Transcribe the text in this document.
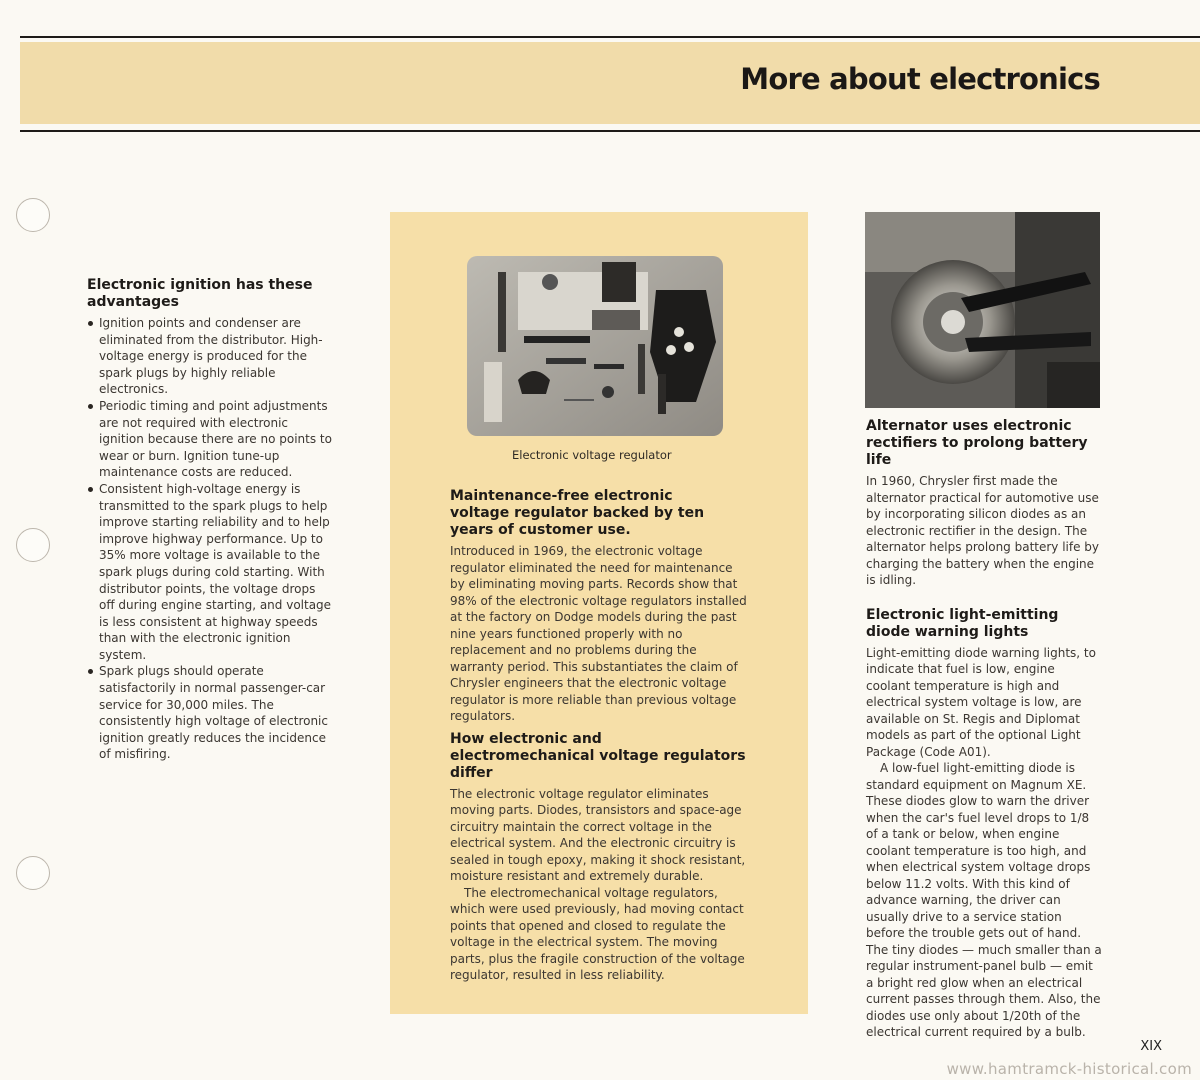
More about electronics
Electronic ignition has these advantages
Ignition points and condenser are eliminated from the distributor. High-voltage energy is produced for the spark plugs by highly reliable electronics.
Periodic timing and point adjustments are not required with electronic ignition because there are no points to wear or burn. Ignition tune-up maintenance costs are reduced.
Consistent high-voltage energy is transmitted to the spark plugs to help improve starting reliability and to help improve highway performance. Up to 35% more voltage is available to the spark plugs during cold starting. With distributor points, the voltage drops off during engine starting, and voltage is less consistent at highway speeds than with the electronic ignition system.
Spark plugs should operate satisfactorily in normal passenger-car service for 30,000 miles. The consistently high voltage of electronic ignition greatly reduces the incidence of misfiring.
Electronic voltage regulator
Maintenance-free electronic voltage regulator backed by ten years of customer use.

Introduced in 1969, the electronic voltage regulator eliminated the need for maintenance by eliminating moving parts. Records show that 98% of the electronic voltage regulators installed at the factory on Dodge models during the past nine years functioned properly with no replacement and no problems during the warranty period. This substantiates the claim of Chrysler engineers that the electronic voltage regulator is more reliable than previous voltage regulators.

How electronic and electromechanical voltage regulators differ

The electronic voltage regulator eliminates moving parts. Diodes, transistors and space-age circuitry maintain the correct voltage in the electrical system. And the electronic circuitry is sealed in tough epoxy, making it shock resistant, moisture resistant and extremely durable.

The electromechanical voltage regulators, which were used previously, had moving contact points that opened and closed to regulate the voltage in the electrical system. The moving parts, plus the fragile construction of the voltage regulator, resulted in less reliability.

Alternator uses electronic rectifiers to prolong battery life

In 1960, Chrysler first made the alternator practical for automotive use by incorporating silicon diodes as an electronic rectifier in the design. The alternator helps prolong battery life by charging the battery when the engine is idling.

Electronic light-emitting diode warning lights

Light-emitting diode warning lights, to indicate that fuel is low, engine coolant temperature is high and electrical system voltage is low, are available on St. Regis and Diplomat models as part of the optional Light Package (Code A01).

A low-fuel light-emitting diode is standard equipment on Magnum XE. These diodes glow to warn the driver when the car's fuel level drops to 1/8 of a tank or below, when engine coolant temperature is too high, and when electrical system voltage drops below 11.2 volts. With this kind of advance warning, the driver can usually drive to a service station before the trouble gets out of hand. The tiny diodes — much smaller than a regular instrument-panel bulb — emit a bright red glow when an electrical current passes through them. Also, the diodes use only about 1/20th of the electrical current required by a bulb.

XIX
www.hamtramck-historical.com
